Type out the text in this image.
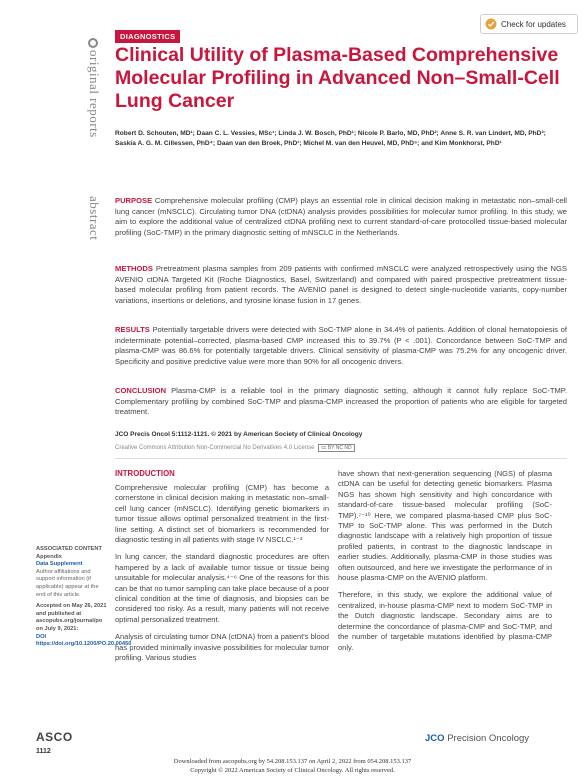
DIAGNOSTICS
Check for updates
original reports
abstract
Clinical Utility of Plasma-Based Comprehensive Molecular Profiling in Advanced Non–Small-Cell Lung Cancer
Robert D. Schouten, MD¹; Daan C. L. Vessies, MSc¹; Linda J. W. Bosch, PhD¹; Nicole P. Barlo, MD, PhD²; Anne S. R. van Lindert, MD, PhD³; Saskia A. G. M. Cillessen, PhD⁴; Daan van den Broek, PhD¹; Michel M. van den Heuvel, MD, PhD⁵; and Kim Monkhorst, PhD¹
PURPOSE Comprehensive molecular profiling (CMP) plays an essential role in clinical decision making in metastatic non–small-cell lung cancer (mNSCLC). Circulating tumor DNA (ctDNA) analysis provides possibilities for molecular tumor profiling. In this study, we aim to explore the additional value of centralized ctDNA profiling next to current standard-of-care protocolled tissue-based molecular profiling (SoC-TMP) in the primary diagnostic setting of mNSCLC in the Netherlands.
METHODS Pretreatment plasma samples from 209 patients with confirmed mNSCLC were analyzed retrospectively using the NGS AVENIO ctDNA Targeted Kit (Roche Diagnostics, Basel, Switzerland) and compared with paired prospective pretreatment tissue-based molecular profiling from patient records. The AVENIO panel is designed to detect single-nucleotide variants, copy-number variations, insertions or deletions, and tyrosine kinase fusion in 17 genes.
RESULTS Potentially targetable drivers were detected with SoC-TMP alone in 34.4% of patients. Addition of clonal hematopoiesis of indeterminate potential–corrected, plasma-based CMP increased this to 39.7% (P < .001). Concordance between SoC-TMP and plasma-CMP was 86.6% for potentially targetable drivers. Clinical sensitivity of plasma-CMP was 75.2% for any oncogenic driver. Specificity and positive predictive value were more than 90% for all oncogenic drivers.
CONCLUSION Plasma-CMP is a reliable tool in the primary diagnostic setting, although it cannot fully replace SoC-TMP. Complementary profiling by combined SoC-TMP and plasma-CMP increased the proportion of patients who are eligible for targeted treatment.
JCO Precis Oncol 5:1112-1121. © 2021 by American Society of Clinical Oncology
Creative Commons Attribution Non-Commercial No Derivatives 4.0 License	cc BY NC ND
INTRODUCTION

Comprehensive molecular profiling (CMP) has become a cornerstone in clinical decision making in metastatic non–small-cell lung cancer (mNSCLC). Identifying genetic biomarkers in tumor tissue allows optimal personalized treatment in the first-line setting. A distinct set of biomarkers is recommended for diagnostic testing in all patients with stage IV NSCLC.¹⁻³

In lung cancer, the standard diagnostic procedures are often hampered by a lack of available tumor tissue or tissue being unsuitable for molecular analysis.⁴⁻⁶ One of the reasons for this can be that no tumor sampling can take place because of a poor clinical condition at the time of diagnosis, and biopsies can be considered too risky. As a result, many patients will not receive optimal personalized treatment.

Analysis of circulating tumor DNA (ctDNA) from a patient's blood has provided minimally invasive possibilities for molecular tumor profiling. Various studies

have shown that next-generation sequencing (NGS) of plasma ctDNA can be useful for detecting genetic biomarkers. Plasma NGS has shown high sensitivity and high concordance with standard-of-care tissue-based molecular profiling (SoC-TMP).⁷⁻¹⁰ Here, we compared plasma-based CMP plus SoC-TMP to SoC-TMP alone. This was performed in the Dutch diagnostic landscape with a relatively high proportion of tissue profiled patients, in contrast to the diagnostic landscape in earlier studies. Additionally, plasma-CMP in those studies was often outsourced, and here we investigate the performance of in house plasma-CMP on the AVENIO platform.

Therefore, in this study, we explore the additional value of centralized, in-house plasma-CMP next to modern SoC-TMP in the Dutch diagnostic landscape. Secondary aims are to determine the concordance of plasma-CMP and SoC-TMP, and the number of targetable mutations identified by plasma-CMP only.

ASSOCIATED CONTENT
Appendix
Data Supplement
Author affiliations and support information (if applicable) appear at the end of this article.
Accepted on May 26, 2021 and published at ascopubs.org/journal/po on July 9, 2021:
DOI https://doi.org/10.1200/PO.20.00450
ASCO
1112
JCO Precision Oncology
Downloaded from ascopubs.org by 54.208.153.137 on April 2, 2022 from 054.208.153.137
Copyright © 2022 American Society of Clinical Oncology. All rights reserved.
